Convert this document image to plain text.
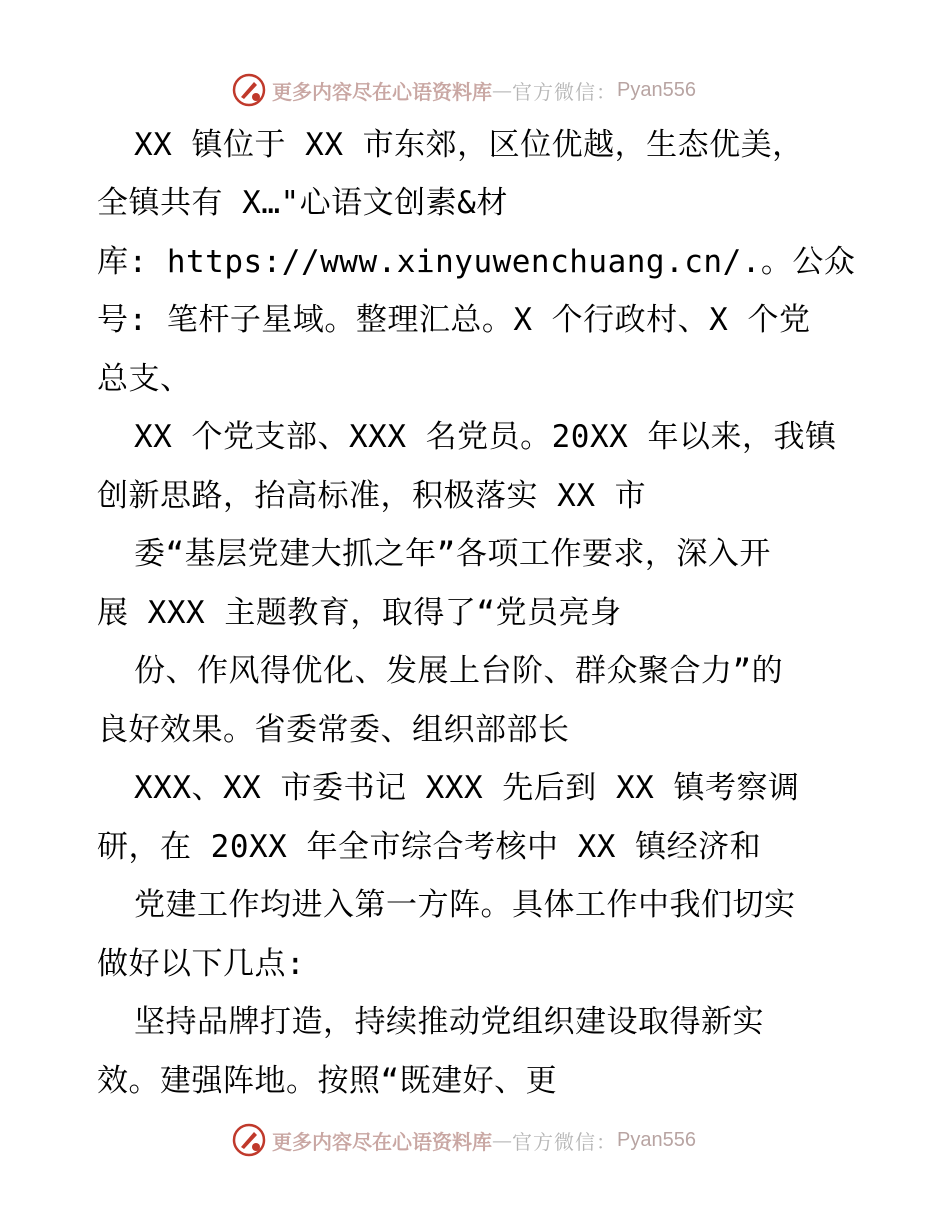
更多内容尽在心语资料库 — 官方微信： Pyan556
XX 镇位于 XX 市东郊，区位优越，生态优美，
全镇共有 X…"心语文创素&材
库: https://www.xinyuwenchuang.cn/.。公众
号: 笔杆子星域。整理汇总。X 个行政村、X 个党
总支、
XX 个党支部、XXX 名党员。20XX 年以来，我镇
创新思路，抬高标准，积极落实 XX 市
委“基层党建大抓之年”各项工作要求，深入开
展 XXX 主题教育，取得了“党员亮身
份、作风得优化、发展上台阶、群众聚合力”的
良好效果。省委常委、组织部部长
XXX、XX 市委书记 XXX 先后到 XX 镇考察调
研，在 20XX 年全市综合考核中 XX 镇经济和
党建工作均进入第一方阵。具体工作中我们切实
做好以下几点:
坚持品牌打造，持续推动党组织建设取得新实
效。建强阵地。按照“既建好、更
更多内容尽在心语资料库 — 官方微信： Pyan556
